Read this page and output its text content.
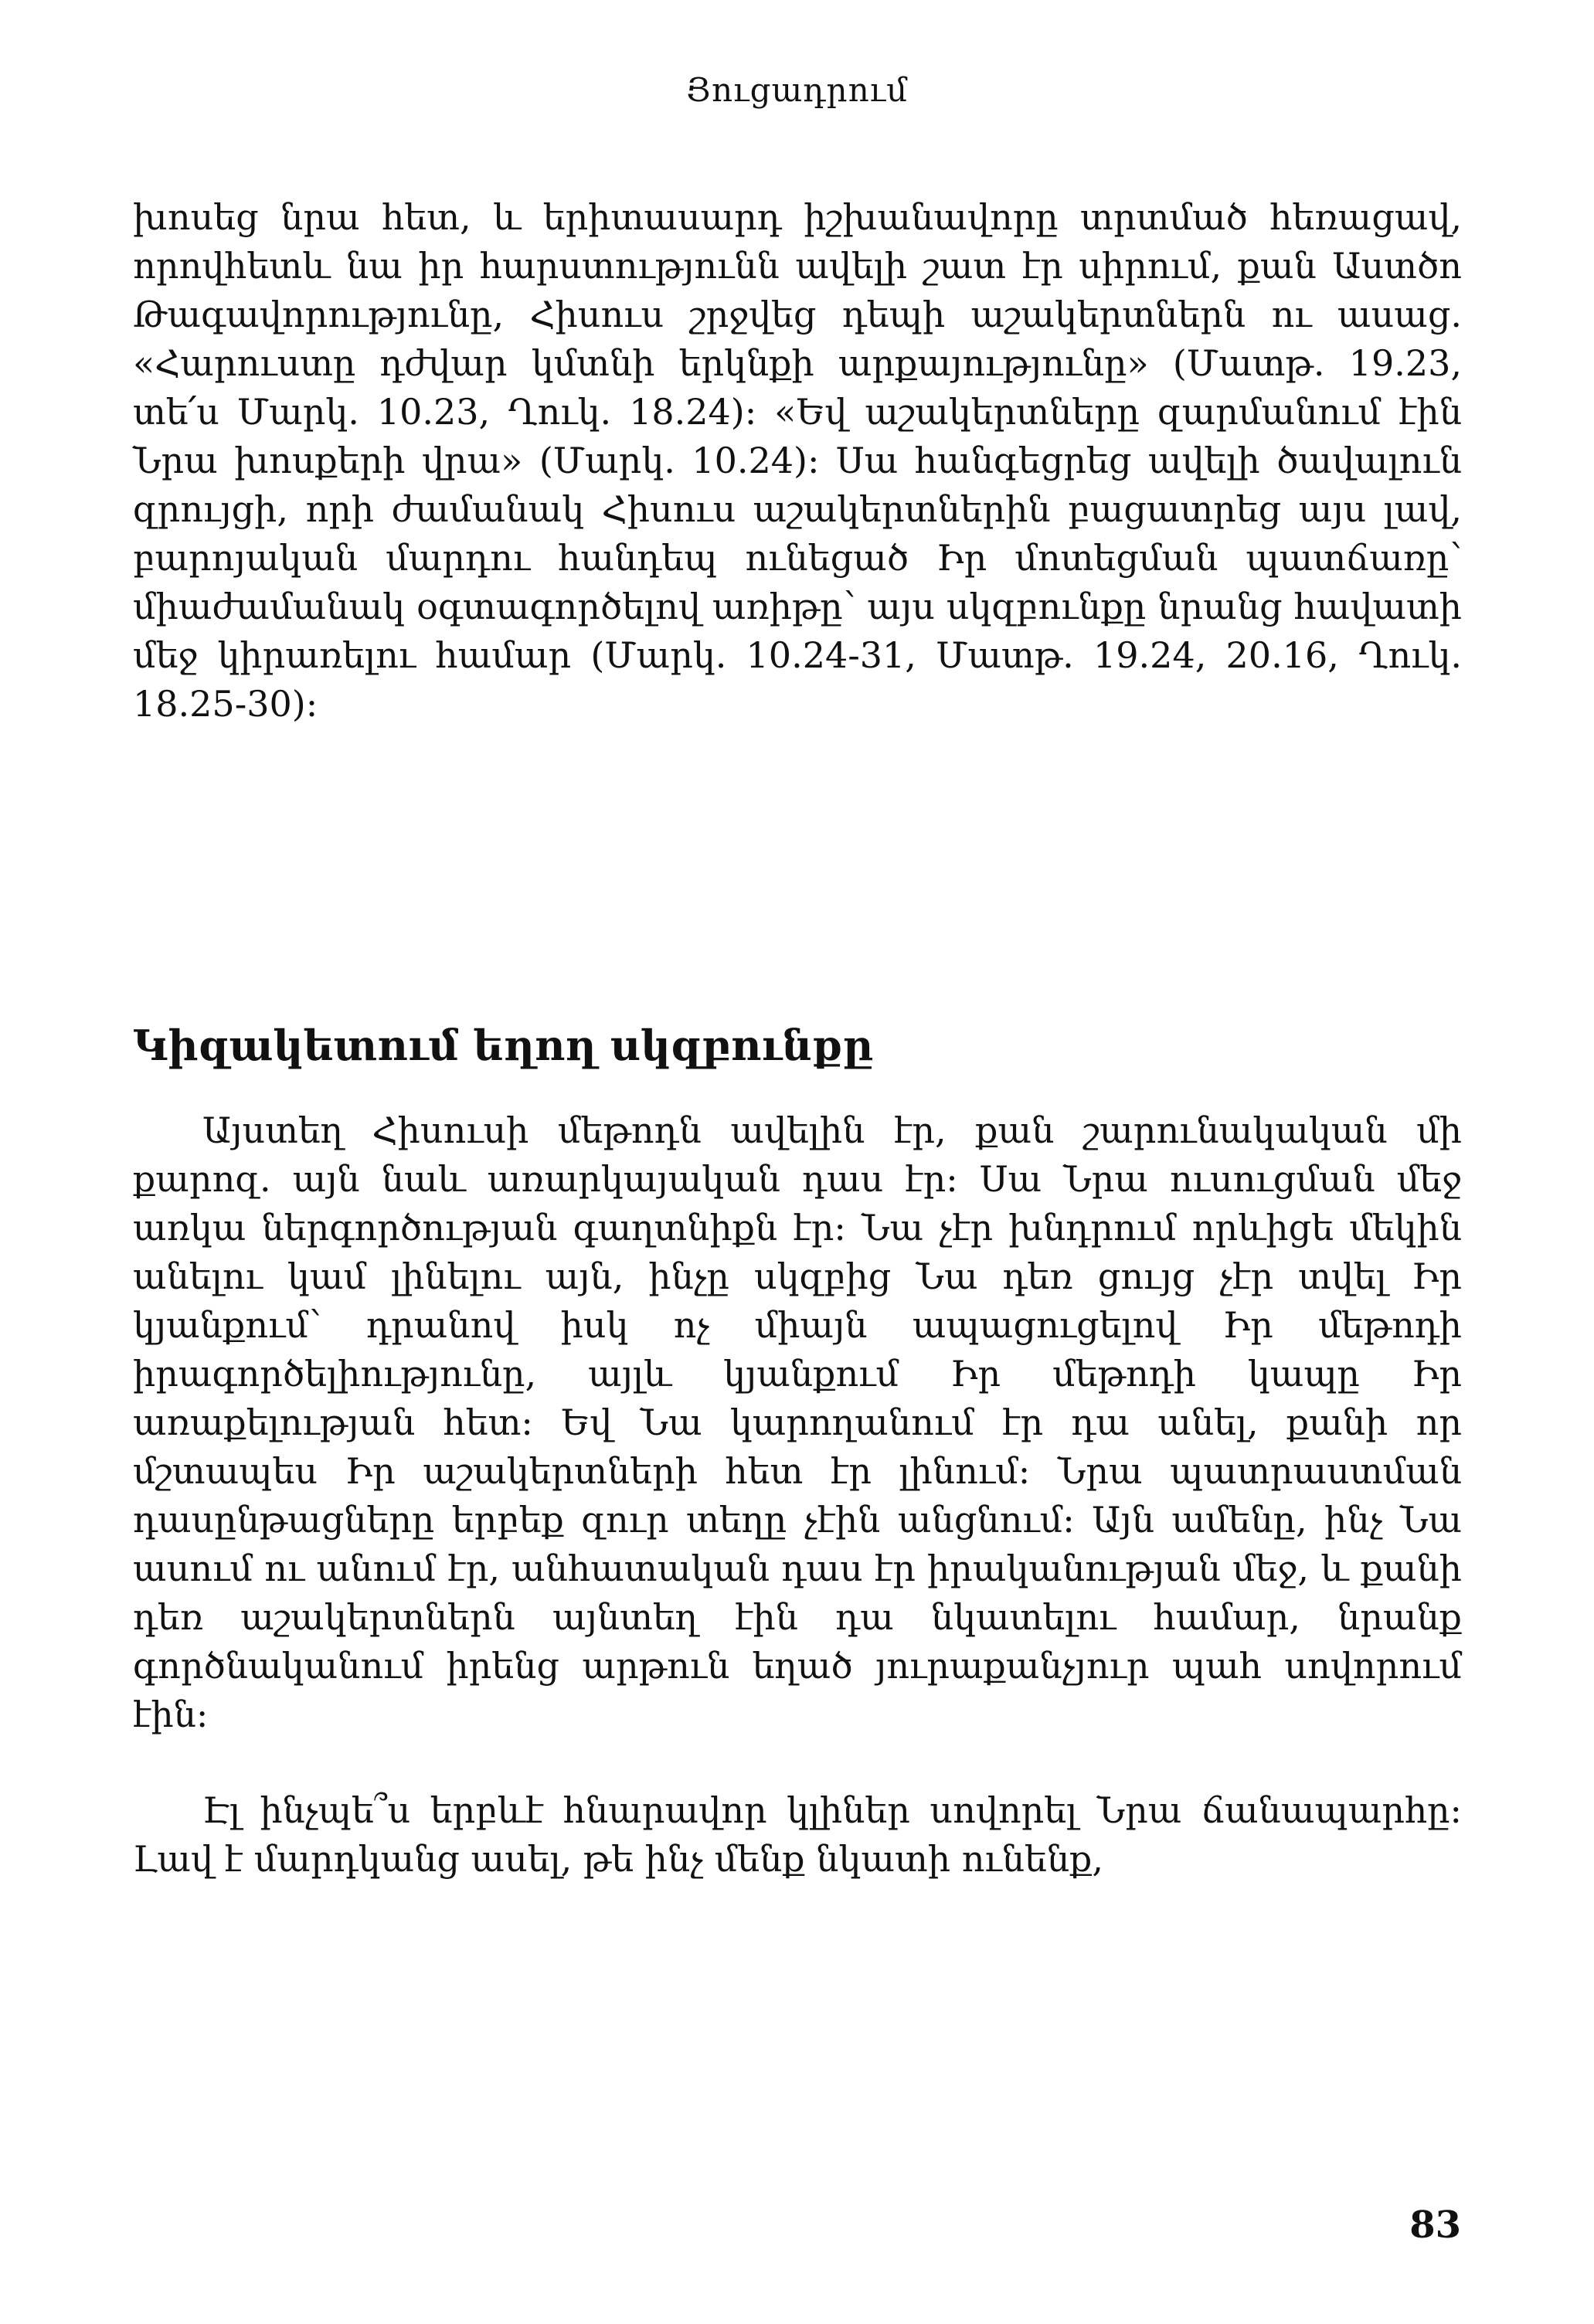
Յուցադրում

խոսեց նրա հետ, և երիտասարդ իշխանավորը տրտմած հեռացավ, որովհետև նա իր հարստությունն ավելի շատ էր սիրում, քան Աստծո Թագավորությունը, Հիսուս շրջվեց դեպի աշակերտներն ու ասաց. «Հարուստը դժվար կմտնի երկնքի արքայությունը» (Մատթ. 19.23, տե՛ս Մարկ. 10.23, Ղուկ. 18.24): «Եվ աշակերտները զարմանում էին Նրա խոսքերի վրա» (Մարկ. 10.24): Սա հանգեցրեց ավելի ծավալուն զրույցի, որի ժամանակ Հիսուս աշակերտներին բացատրեց այս լավ, բարոյական մարդու հանդեպ ունեցած Իր մոտեցման պատճառը՝ միաժամանակ օգտագործելով առիթը՝ այս սկզբունքը նրանց հավատի մեջ կիրառելու համար (Մարկ. 10.24-31, Մատթ. 19.24, 20.16, Ղուկ. 18.25-30):

Կիզակետում եղող սկզբունքը

Այստեղ Հիսուսի մեթոդն ավելին էր, քան շարունակական մի քարոզ. այն նաև առարկայական դաս էր: Սա Նրա ուսուցման մեջ առկա ներգործության գաղտնիքն էր: Նա չէր խնդրում որևիցե մեկին անելու կամ լինելու այն, ինչը սկզբից Նա դեռ ցույց չէր տվել Իր կյանքում՝ դրանով իսկ ոչ միայն ապացուցելով Իր մեթոդի իրագործելիությունը, այլև կյանքում Իր մեթոդի կապը Իր առաքելության հետ: Եվ Նա կարողանում էր դա անել, քանի որ մշտապես Իր աշակերտների հետ էր լինում: Նրա պատրաստման դասընթացները երբեք զուր տեղը չէին անցնում: Այն ամենը, ինչ Նա ասում ու անում էր, անհատական դաս էր իրականության մեջ, և քանի դեռ աշակերտներն այնտեղ էին դա նկատելու համար, նրանք գործնականում իրենց արթուն եղած յուրաքանչյուր պահ սովորում էին:

Էլ ինչպե՞ս երբևէ հնարավոր կլիներ սովորել Նրա ճանապարհը: Լավ է մարդկանց ասել, թե ինչ մենք նկատի ունենք,

83
